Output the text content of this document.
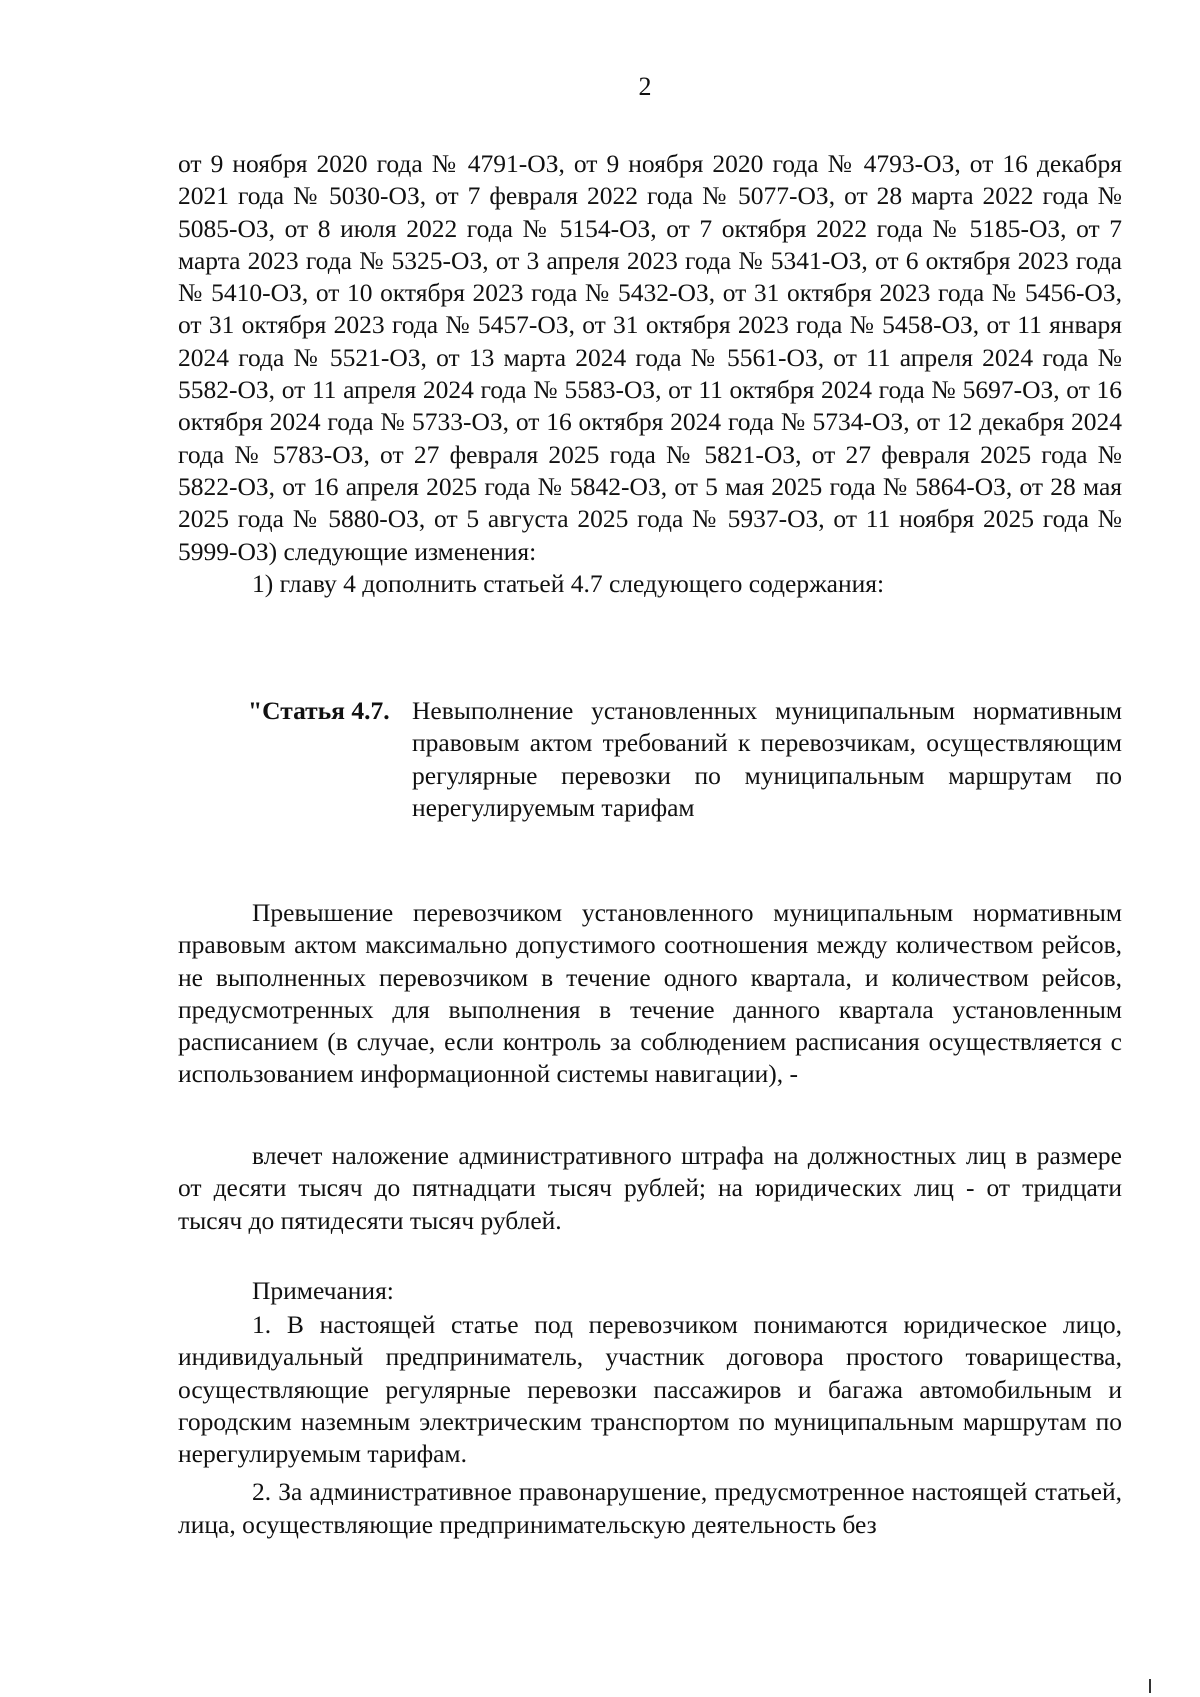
2

от 9 ноября 2020 года № 4791-ОЗ, от 9 ноября 2020 года № 4793-ОЗ, от 16 декабря 2021 года № 5030-ОЗ, от 7 февраля 2022 года № 5077-ОЗ, от 28 марта 2022 года № 5085-ОЗ, от 8 июля 2022 года № 5154-ОЗ, от 7 октября 2022 года № 5185-ОЗ, от 7 марта 2023 года № 5325-ОЗ, от 3 апреля 2023 года № 5341-ОЗ, от 6 октября 2023 года № 5410-ОЗ, от 10 октября 2023 года № 5432-ОЗ, от 31 октября 2023 года № 5456-ОЗ, от 31 октября 2023 года № 5457-ОЗ, от 31 октября 2023 года № 5458-ОЗ, от 11 января 2024 года № 5521-ОЗ, от 13 марта 2024 года № 5561-ОЗ, от 11 апреля 2024 года № 5582-ОЗ, от 11 апреля 2024 года № 5583-ОЗ, от 11 октября 2024 года № 5697-ОЗ, от 16 октября 2024 года № 5733-ОЗ, от 16 октября 2024 года № 5734-ОЗ, от 12 декабря 2024 года № 5783-ОЗ, от 27 февраля 2025 года № 5821-ОЗ, от 27 февраля 2025 года № 5822-ОЗ, от 16 апреля 2025 года № 5842-ОЗ, от 5 мая 2025 года № 5864-ОЗ, от 28 мая 2025 года № 5880-ОЗ, от 5 августа 2025 года № 5937-ОЗ, от 11 ноября 2025 года № 5999-ОЗ) следующие изменения:

1) главу 4 дополнить статьей 4.7 следующего содержания:

"Статья 4.7. Невыполнение установленных муниципальным нормативным правовым актом требований к перевозчикам, осуществляющим регулярные перевозки по муниципальным маршрутам по нерегулируемым тарифам

Превышение перевозчиком установленного муниципальным нормативным правовым актом максимально допустимого соотношения между количеством рейсов, не выполненных перевозчиком в течение одного квартала, и количеством рейсов, предусмотренных для выполнения в течение данного квартала установленным расписанием (в случае, если контроль за соблюдением расписания осуществляется с использованием информационной системы навигации), -

влечет наложение административного штрафа на должностных лиц в размере от десяти тысяч до пятнадцати тысяч рублей; на юридических лиц - от тридцати тысяч до пятидесяти тысяч рублей.

Примечания:

1. В настоящей статье под перевозчиком понимаются юридическое лицо, индивидуальный предприниматель, участник договора простого товарищества, осуществляющие регулярные перевозки пассажиров и багажа автомобильным и городским наземным электрическим транспортом по муниципальным маршрутам по нерегулируемым тарифам.

2. За административное правонарушение, предусмотренное настоящей статьей, лица, осуществляющие предпринимательскую деятельность без
